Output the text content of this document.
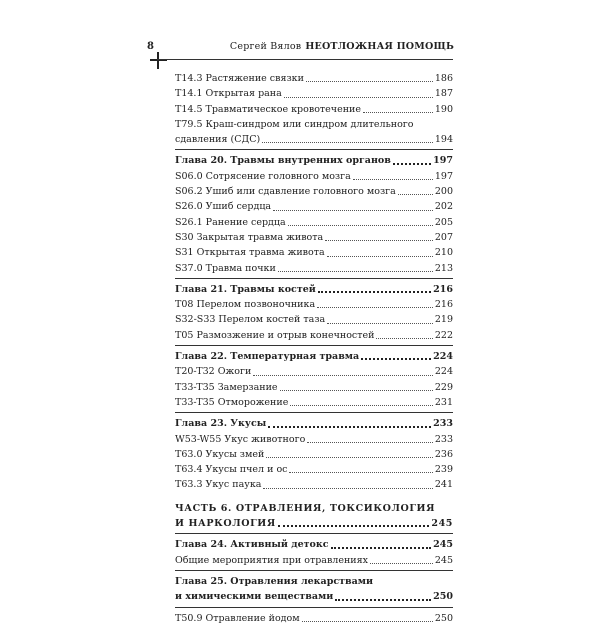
8	Сергей Вялов НЕОТЛОЖНАЯ ПОМОЩЬ
T14.3 Растяжение связки	186
T14.1 Открытая рана	187
T14.5 Травматическое кровотечение	190
T79.5 Краш-синдром или синдром длительного
сдавления (СДС)	194
Глава 20. Травмы внутренних органов	197
S06.0 Сотрясение головного мозга	197
S06.2 Ушиб или сдавление головного мозга	200
S26.0 Ушиб сердца	202
S26.1 Ранение сердца	205
S30 Закрытая травма живота	207
S31 Открытая травма живота	210
S37.0 Травма почки	213
Глава 21. Травмы костей	216
T08 Перелом позвоночника	216
S32-S33 Перелом костей таза	219
T05 Размозжение и отрыв конечностей	222
Глава 22. Температурная травма	224
T20-T32 Ожоги	224
T33-T35 Замерзание	229
T33-T35 Отморожение	231
Глава 23. Укусы	233
W53-W55 Укус животного	233
T63.0 Укусы змей	236
T63.4 Укусы пчел и ос	239
T63.3 Укус паука	241
ЧАСТЬ 6. ОТРАВЛЕНИЯ, ТОКСИКОЛОГИЯ
И НАРКОЛОГИЯ	245
Глава 24. Активный детокс	245
Общие мероприятия при отравлениях	245
Глава 25. Отравления лекарствами
и химическими веществами	250
T50.9 Отравление йодом	250
